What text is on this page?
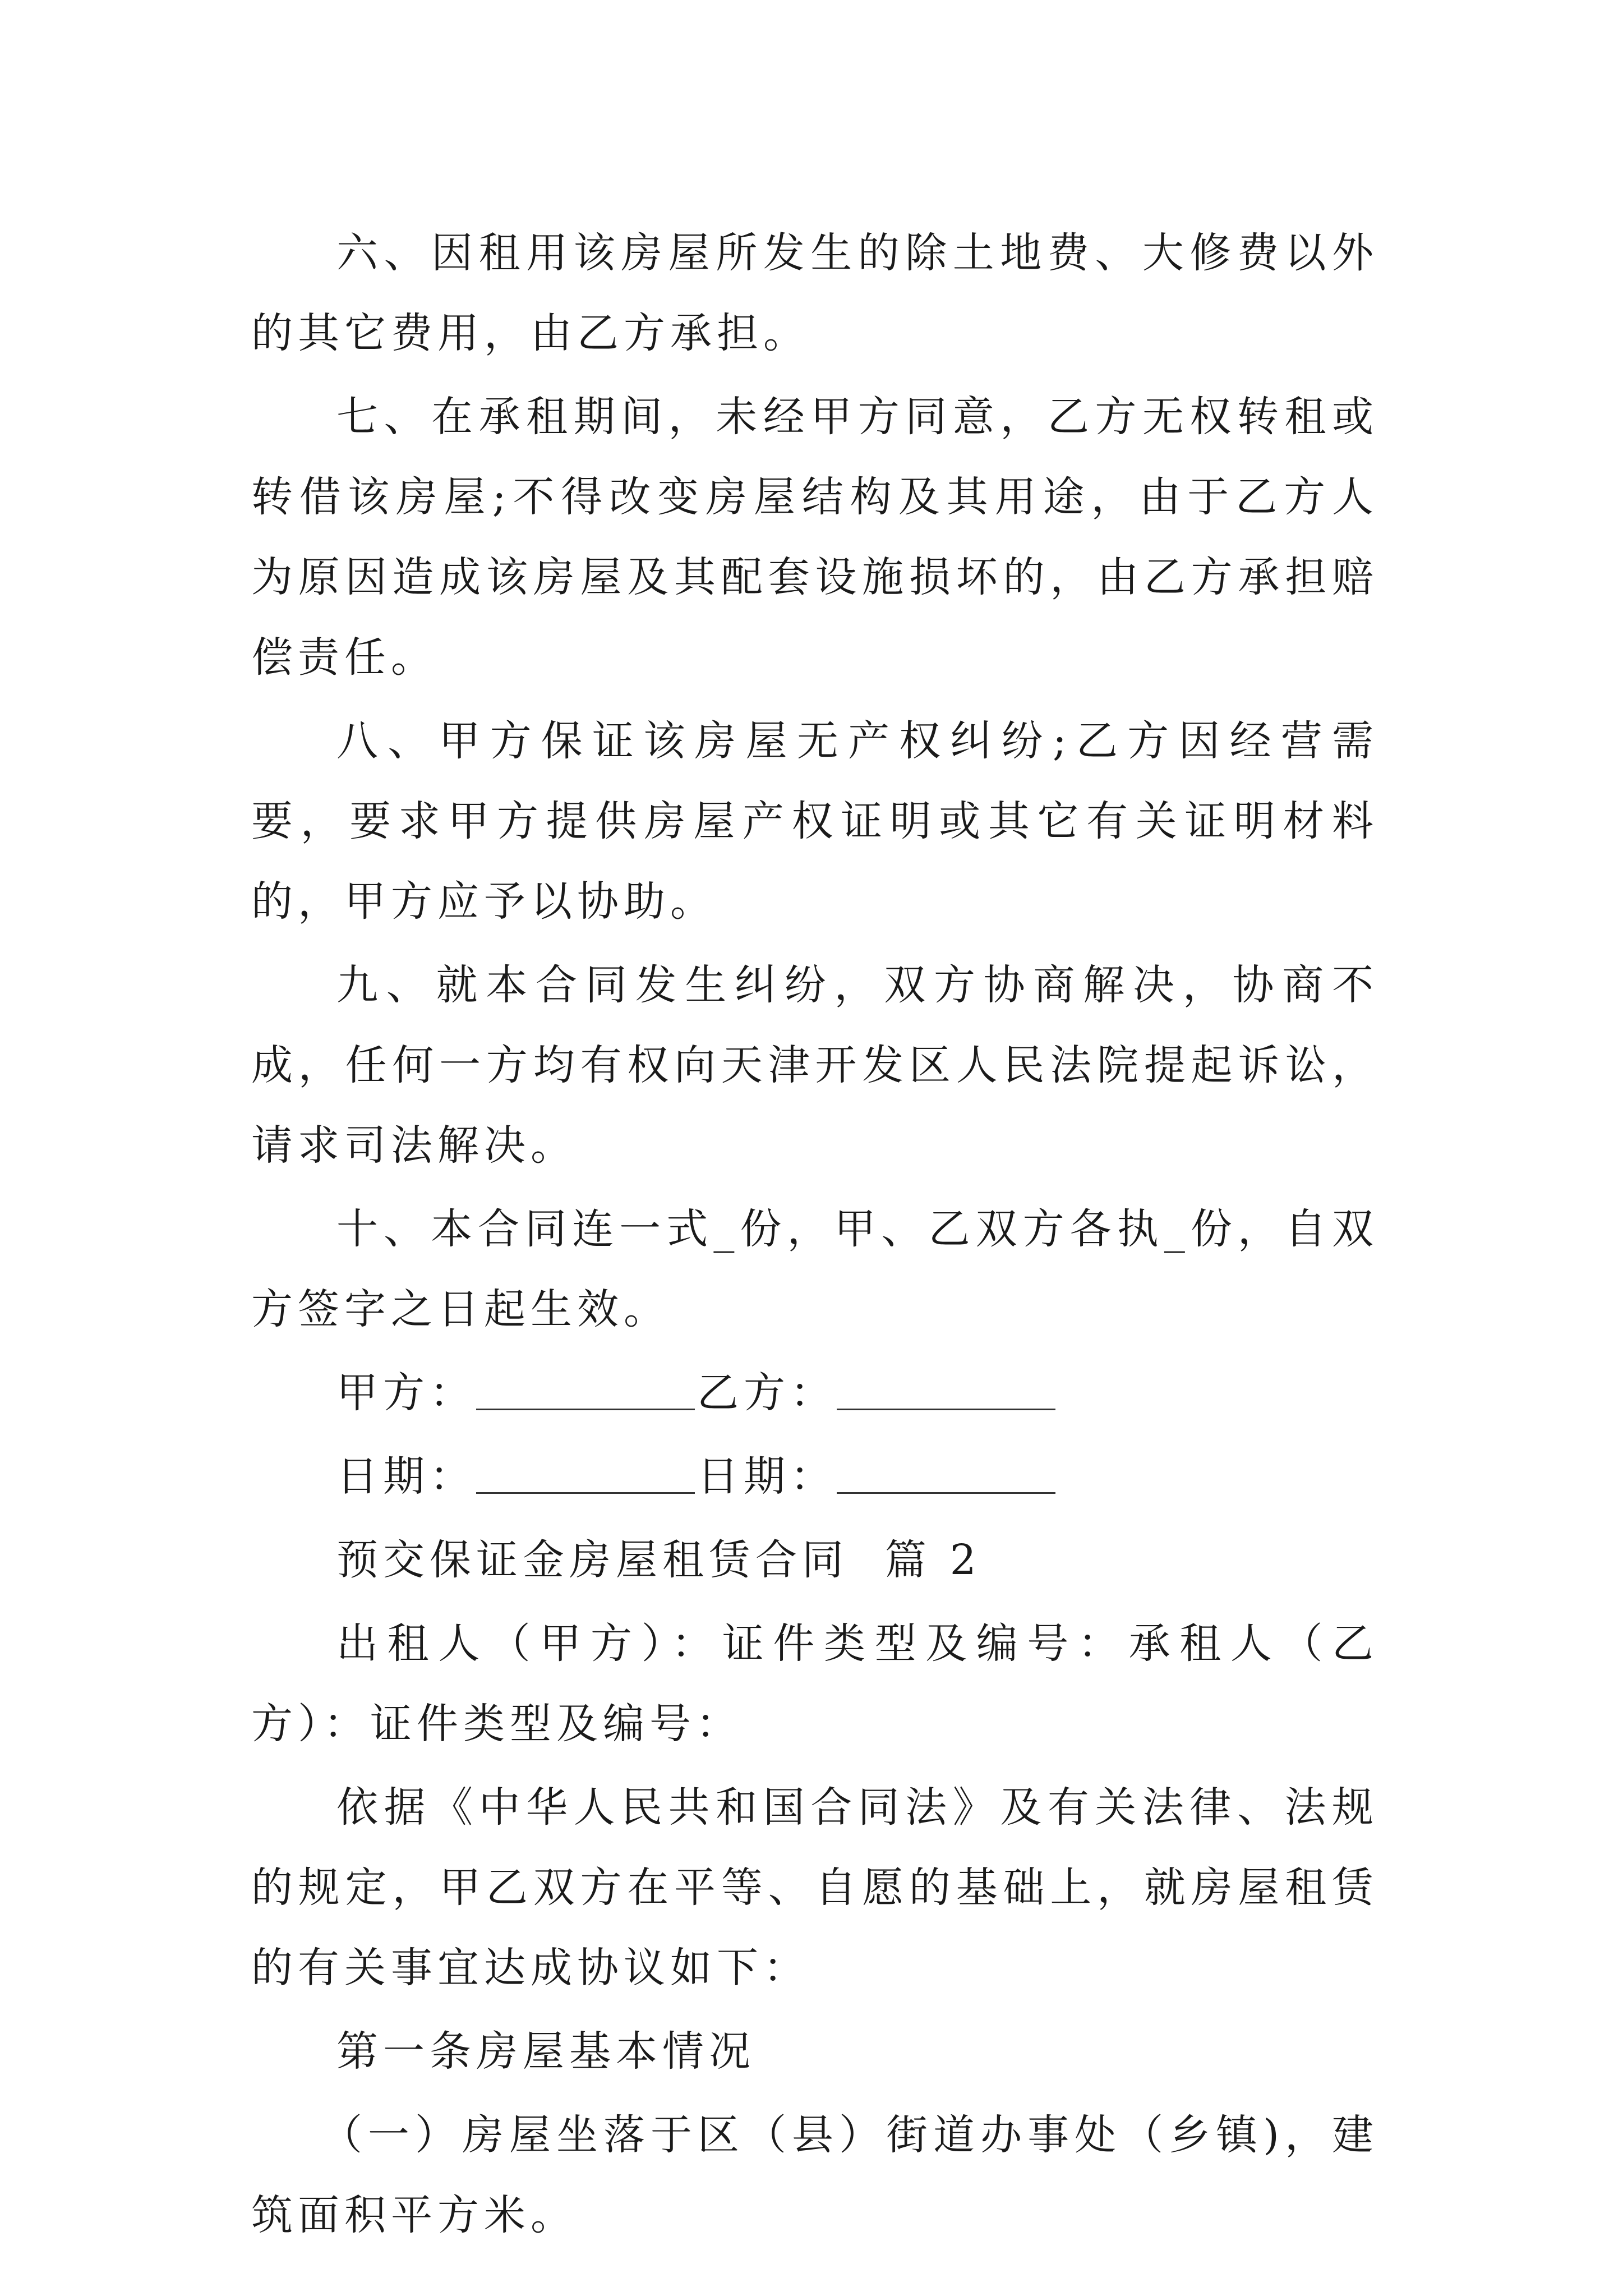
六、因租用该房屋所发生的除土地费、大修费以外的其它费用，由乙方承担。

七、在承租期间，未经甲方同意，乙方无权转租或转借该房屋;不得改变房屋结构及其用途，由于乙方人为原因造成该房屋及其配套设施损坏的，由乙方承担赔偿责任。

八、甲方保证该房屋无产权纠纷;乙方因经营需要，要求甲方提供房屋产权证明或其它有关证明材料的，甲方应予以协助。

九、就本合同发生纠纷，双方协商解决，协商不成，任何一方均有权向天津开发区人民法院提起诉讼，请求司法解决。

十、本合同连一式_份，甲、乙双方各执_份，自双方签字之日起生效。

甲方：	乙方：
日期：	日期：

预交保证金房屋租赁合同  篇 2

出租人（甲方）：证件类型及编号：承租人（乙方）：证件类型及编号：

依据《中华人民共和国合同法》及有关法律、法规的规定，甲乙双方在平等、自愿的基础上，就房屋租赁的有关事宜达成协议如下：

第一条房屋基本情况

（一）房屋坐落于区（县）街道办事处（乡镇)，建筑面积平方米。
